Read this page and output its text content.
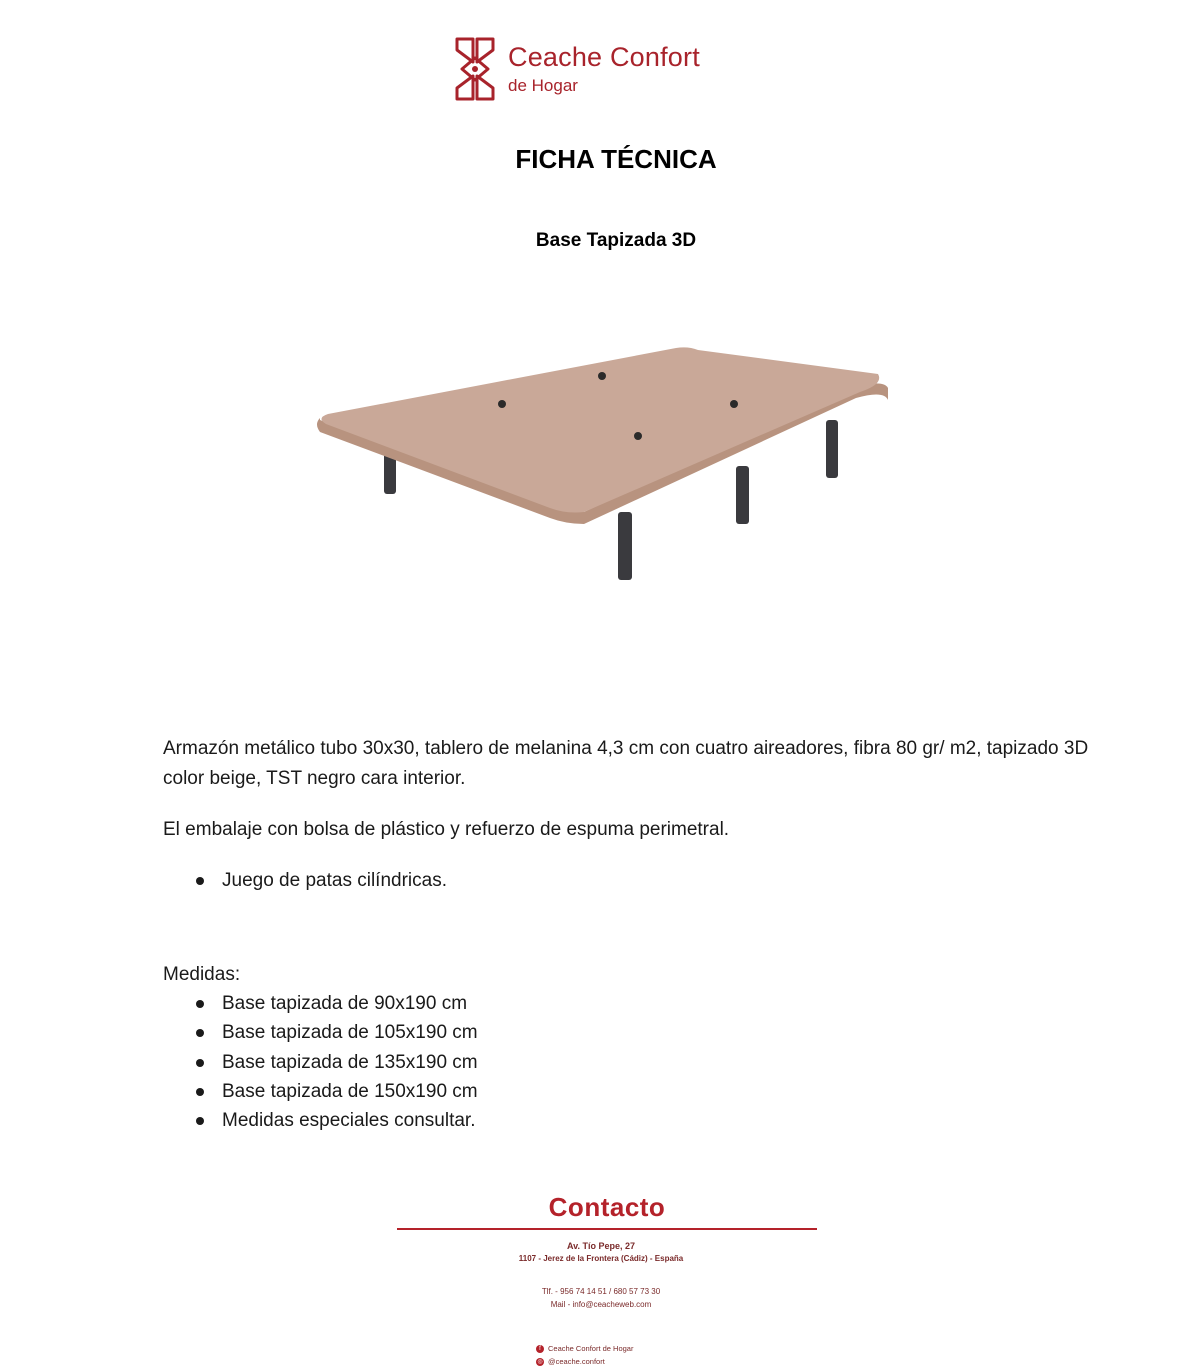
Ceache Confort
de Hogar
FICHA TÉCNICA
Base Tapizada 3D
Armazón metálico tubo 30x30, tablero de melanina 4,3 cm con cuatro aireadores, fibra 80 gr/ m2, tapizado 3D color beige, TST negro cara interior.
El embalaje con bolsa de plástico y refuerzo de espuma perimetral.
Juego de patas cilíndricas.
Medidas:
Base tapizada de 90x190 cm
Base tapizada de 105x190 cm
Base tapizada de 135x190 cm
Base tapizada de 150x190 cm
Medidas especiales consultar.
Contacto
Av. Tío Pepe, 27
1107 - Jerez de la Frontera (Cádiz) - España
Tlf. - 956 74 14 51 / 680 57 73 30
Mail - info@ceacheweb.com
f Ceache Confort de Hogar
◎ @ceache.confort
